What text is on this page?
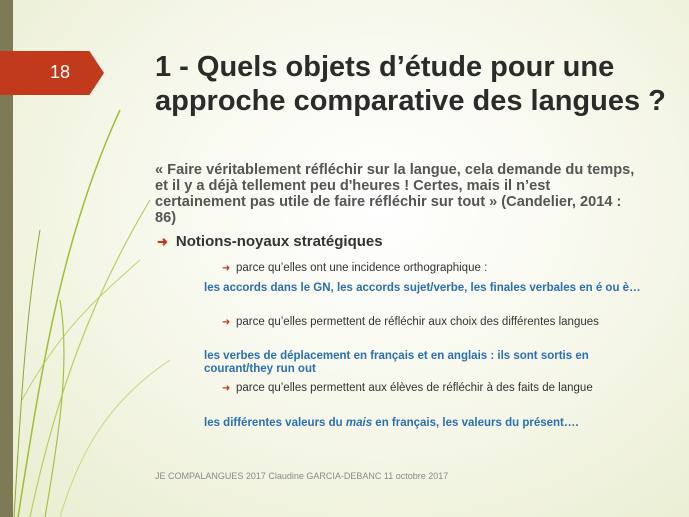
18	1 - Quels objets d’étude pour une approche comparative des langues ?

« Faire véritablement réfléchir sur la langue, cela demande du temps, et il y a déjà tellement peu d'heures ! Certes, mais il n’est certainement pas utile de faire réfléchir sur tout » (Candelier, 2014 : 86)

➜ Notions-noyaux stratégiques
➜ parce qu’elles ont une incidence orthographique :
les accords dans le GN, les accords sujet/verbe, les finales verbales en é ou è…
➜ parce qu’elles permettent de réfléchir aux choix des différentes langues
les verbes de déplacement en français et en anglais : ils sont sortis en courant/they run out
➜ parce qu’elles permettent aux élèves de réfléchir à des faits de langue
les différentes valeurs du mais en français, les valeurs du présent….
JE COMPALANGUES 2017 Claudine GARCIA-DEBANC 11 octobre 2017
